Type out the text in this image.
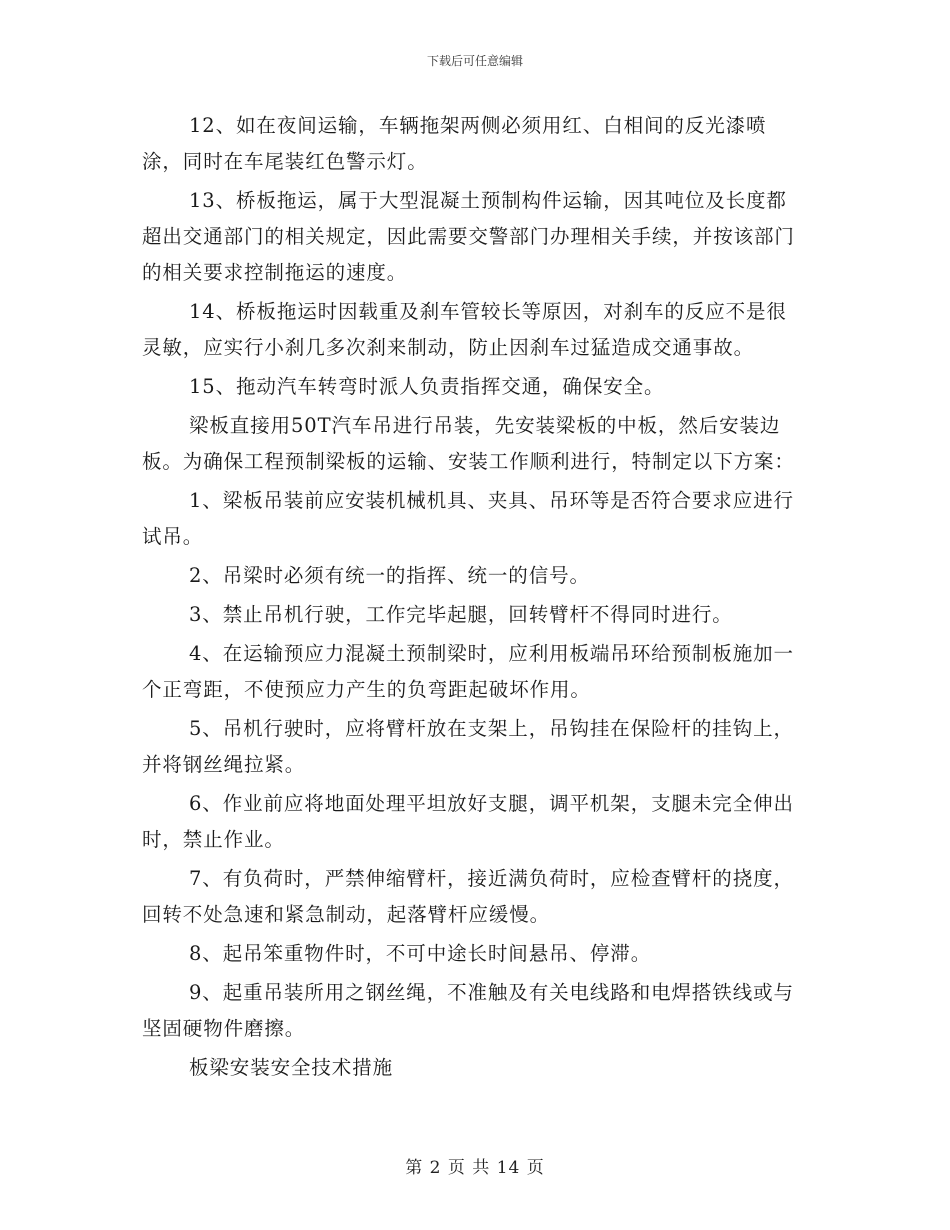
下载后可任意编辑

12、如在夜间运输，车辆拖架两侧必须用红、白相间的反光漆喷涂，同时在车尾装红色警示灯。

13、桥板拖运，属于大型混凝土预制构件运输，因其吨位及长度都超出交通部门的相关规定，因此需要交警部门办理相关手续，并按该部门的相关要求控制拖运的速度。

14、桥板拖运时因载重及刹车管较长等原因，对刹车的反应不是很灵敏，应实行小刹几多次刹来制动，防止因刹车过猛造成交通事故。

15、拖动汽车转弯时派人负责指挥交通，确保安全。

梁板直接用50T汽车吊进行吊装，先安装梁板的中板，然后安装边板。为确保工程预制梁板的运输、安装工作顺利进行，特制定以下方案：

1、梁板吊装前应安装机械机具、夹具、吊环等是否符合要求应进行试吊。

2、吊梁时必须有统一的指挥、统一的信号。

3、禁止吊机行驶，工作完毕起腿，回转臂杆不得同时进行。

4、在运输预应力混凝土预制梁时，应利用板端吊环给预制板施加一个正弯距，不使预应力产生的负弯距起破坏作用。

5、吊机行驶时，应将臂杆放在支架上，吊钩挂在保险杆的挂钩上，并将钢丝绳拉紧。

6、作业前应将地面处理平坦放好支腿，调平机架，支腿未完全伸出时，禁止作业。

7、有负荷时，严禁伸缩臂杆，接近满负荷时，应检查臂杆的挠度，回转不处急速和紧急制动，起落臂杆应缓慢。

8、起吊笨重物件时，不可中途长时间悬吊、停滞。

9、起重吊装所用之钢丝绳，不准触及有关电线路和电焊搭铁线或与坚固硬物件磨擦。

板梁安装安全技术措施

第 2 页 共 14 页
